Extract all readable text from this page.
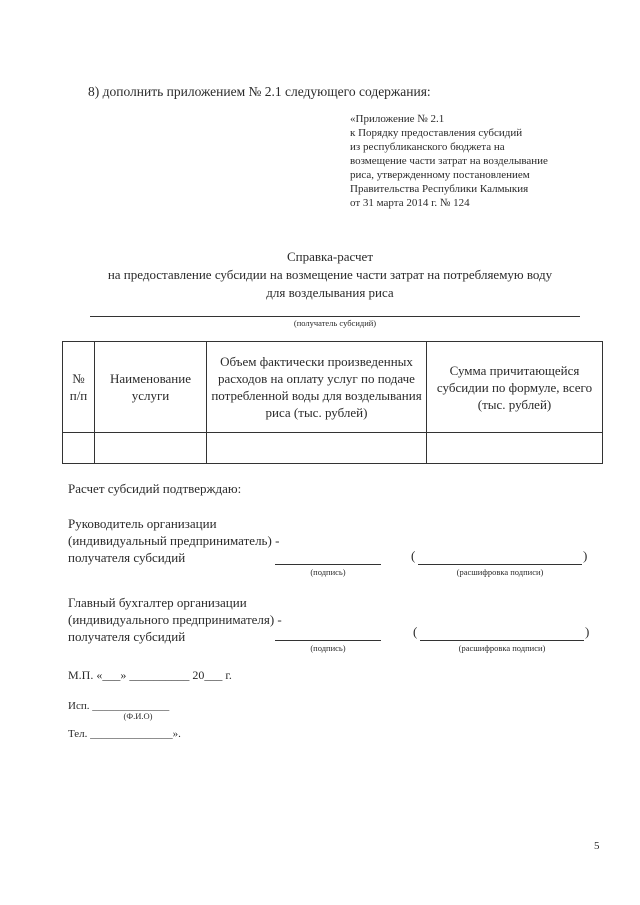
8) дополнить приложением № 2.1 следующего содержания:
«Приложение № 2.1
к Порядку предоставления субсидий
из республиканского бюджета на
возмещение части затрат на возделывание
риса, утвержденному постановлением
Правительства Республики Калмыкия
от 31 марта 2014 г. № 124
Справка-расчет
на предоставление субсидии на возмещение части затрат на потребляемую воду
для возделывания риса
(получатель субсидий)
№ п/п	Наименование услуги	Объем фактически произведенных расходов на оплату услуг по подаче потребленной воды для возделывания риса (тыс. рублей)	Сумма причитающейся субсидии по формуле, всего (тыс. рублей)

Расчет субсидий подтверждаю:
Руководитель организации
(индивидуальный предприниматель) -
получателя субсидий
(подпись)
(	)
(расшифровка подписи)
Главный бухгалтер организации
(индивидуального предпринимателя) -
получателя субсидий
(подпись)
(	)
(расшифровка подписи)
М.П. «___» __________ 20___ г.
Исп. ______________
(Ф.И.О)
Тел. _______________».
5
